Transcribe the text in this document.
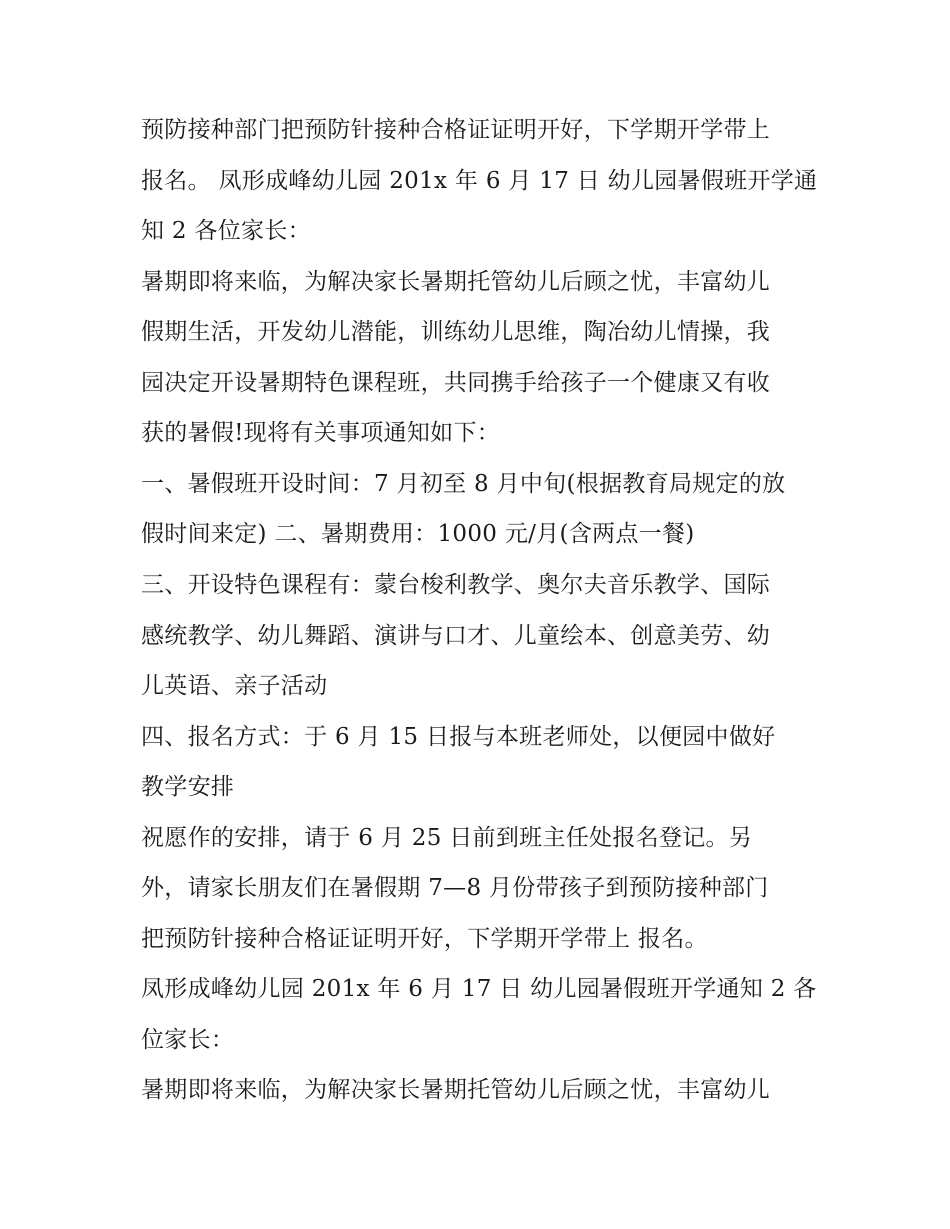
预防接种部门把预防针接种合格证证明开好，下学期开学带上

报名。 凤形成峰幼儿园 201x 年 6 月 17 日 幼儿园暑假班开学通

知 2 各位家长：

暑期即将来临，为解决家长暑期托管幼儿后顾之忧，丰富幼儿

假期生活，开发幼儿潜能，训练幼儿思维，陶冶幼儿情操，我

园决定开设暑期特色课程班，共同携手给孩子一个健康又有收

获的暑假!现将有关事项通知如下：

一、暑假班开设时间：7 月初至 8 月中旬(根据教育局规定的放

假时间来定) 二、暑期费用：1000 元/月(含两点一餐)

三、开设特色课程有：蒙台梭利教学、奥尔夫音乐教学、国际

感统教学、幼儿舞蹈、演讲与口才、儿童绘本、创意美劳、幼

儿英语、亲子活动

四、报名方式：于 6 月 15 日报与本班老师处，以便园中做好

教学安排

祝愿作的安排，请于 6 月 25 日前到班主任处报名登记。另

外，请家长朋友们在暑假期 7—8 月份带孩子到预防接种部门

把预防针接种合格证证明开好，下学期开学带上 报名。

凤形成峰幼儿园 201x 年 6 月 17 日 幼儿园暑假班开学通知 2 各

位家长：

暑期即将来临，为解决家长暑期托管幼儿后顾之忧，丰富幼儿
